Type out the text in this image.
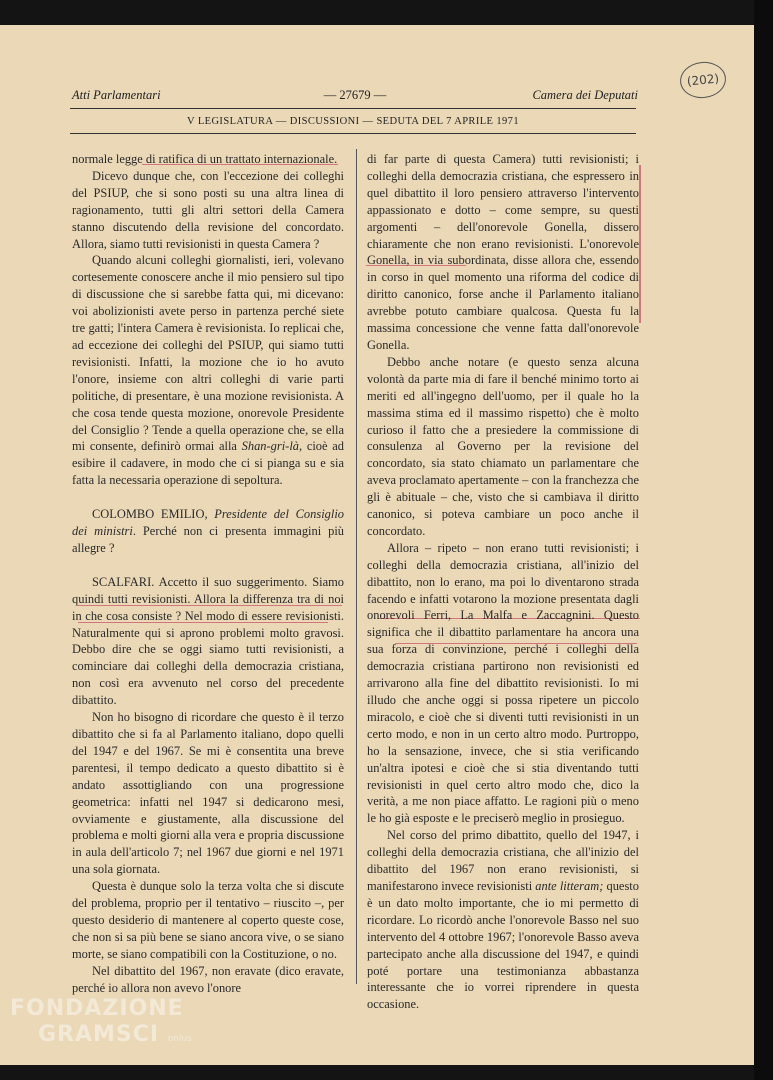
(202)
Atti Parlamentari	— 27679 —	Camera dei Deputati
V LEGISLATURA — DISCUSSIONI — SEDUTA DEL 7 APRILE 1971

normale legge di ratifica di un trattato internazionale.

Dicevo dunque che, con l'eccezione dei colleghi del PSIUP, che si sono posti su una altra linea di ragionamento, tutti gli altri settori della Camera stanno discutendo della revisione del concordato. Allora, siamo tutti revisionisti in questa Camera ?

Quando alcuni colleghi giornalisti, ieri, volevano cortesemente conoscere anche il mio pensiero sul tipo di discussione che si sarebbe fatta qui, mi dicevano: voi abolizionisti avete perso in partenza perché siete tre gatti; l'intera Camera è revisionista. Io replicai che, ad eccezione dei colleghi del PSIUP, qui siamo tutti revisionisti. Infatti, la mozione che io ho avuto l'onore, insieme con altri colleghi di varie parti politiche, di presentare, è una mozione revisionista. A che cosa tende questa mozione, onorevole Presidente del Consiglio ? Tende a quella operazione che, se ella mi consente, definirò ormai alla Shan-gri-là, cioè ad esibire il cadavere, in modo che ci si pianga su e sia fatta la necessaria operazione di sepoltura.

COLOMBO EMILIO, Presidente del Consiglio dei ministri. Perché non ci presenta immagini più allegre ?

SCALFARI. Accetto il suo suggerimento. Siamo quindi tutti revisionisti. Allora la differenza tra di noi in che cosa consiste ? Nel modo di essere revisionisti. Naturalmente qui si aprono problemi molto gravosi. Debbo dire che se oggi siamo tutti revisionisti, a cominciare dai colleghi della democrazia cristiana, non così era avvenuto nel corso del precedente dibattito.

Non ho bisogno di ricordare che questo è il terzo dibattito che si fa al Parlamento italiano, dopo quelli del 1947 e del 1967. Se mi è consentita una breve parentesi, il tempo dedicato a questo dibattito si è andato assottigliando con una progressione geometrica: infatti nel 1947 si dedicarono mesi, ovviamente e giustamente, alla discussione del problema e molti giorni alla vera e propria discussione in aula dell'articolo 7; nel 1967 due giorni e nel 1971 una sola giornata.

Questa è dunque solo la terza volta che si discute del problema, proprio per il tentativo – riuscito –, per questo desiderio di mantenere al coperto queste cose, che non si sa più bene se siano ancora vive, o se siano morte, se siano compatibili con la Costituzione, o no.

Nel dibattito del 1967, non eravate (dico eravate, perché io allora non avevo l'onore

di far parte di questa Camera) tutti revisionisti; i colleghi della democrazia cristiana, che espressero in quel dibattito il loro pensiero attraverso l'intervento appassionato e dotto – come sempre, su questi argomenti – dell'onorevole Gonella, dissero chiaramente che non erano revisionisti. L'onorevole Gonella, in via subordinata, disse allora che, essendo in corso in quel momento una riforma del codice di diritto canonico, forse anche il Parlamento italiano avrebbe potuto cambiare qualcosa. Questa fu la massima concessione che venne fatta dall'onorevole Gonella.

Debbo anche notare (e questo senza alcuna volontà da parte mia di fare il benché minimo torto ai meriti ed all'ingegno dell'uomo, per il quale ho la massima stima ed il massimo rispetto) che è molto curioso il fatto che a presiedere la commissione di consulenza al Governo per la revisione del concordato, sia stato chiamato un parlamentare che aveva proclamato apertamente – con la franchezza che gli è abituale – che, visto che si cambiava il diritto canonico, si poteva cambiare un poco anche il concordato.

Allora – ripeto – non erano tutti revisionisti; i colleghi della democrazia cristiana, all'inizio del dibattito, non lo erano, ma poi lo diventarono strada facendo e infatti votarono la mozione presentata dagli onorevoli Ferri, La Malfa e Zaccagnini. Questo significa che il dibattito parlamentare ha ancora una sua forza di convinzione, perché i colleghi della democrazia cristiana partirono non revisionisti ed arrivarono alla fine del dibattito revisionisti. Io mi illudo che anche oggi si possa ripetere un piccolo miracolo, e cioè che si diventi tutti revisionisti in un certo modo, e non in un certo altro modo. Purtroppo, ho la sensazione, invece, che si stia verificando un'altra ipotesi e cioè che si stia diventando tutti revisionisti in quel certo altro modo che, dico la verità, a me non piace affatto. Le ragioni più o meno le ho già esposte e le preciserò meglio in prosieguo.

Nel corso del primo dibattito, quello del 1947, i colleghi della democrazia cristiana, che all'inizio del dibattito del 1967 non erano revisionisti, si manifestarono invece revisionisti ante litteram; questo è un dato molto importante, che io mi permetto di ricordare. Lo ricordò anche l'onorevole Basso nel suo intervento del 4 ottobre 1967; l'onorevole Basso aveva partecipato anche alla discussione del 1947, e quindi poté portare una testimonianza abbastanza interessante che io vorrei riprendere in questa occasione.

FONDAZIONE
GRAMSCI onlus
